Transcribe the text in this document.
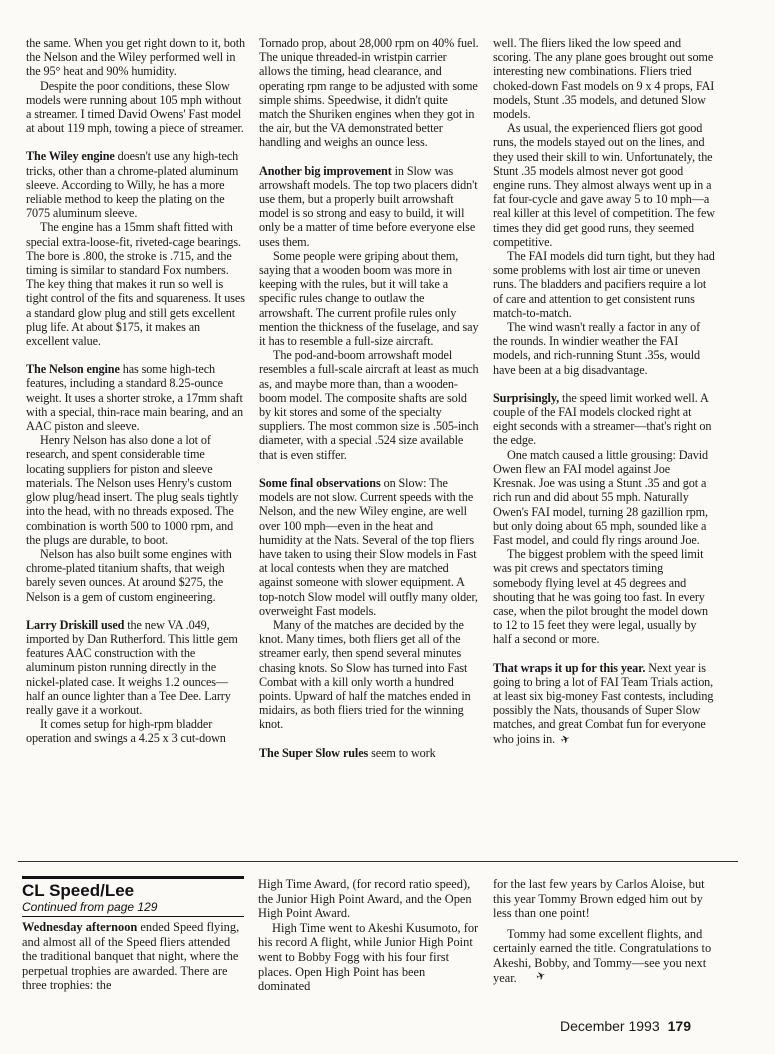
the same. When you get right down to it, both the Nelson and the Wiley performed well in the 95° heat and 90% humidity.

Despite the poor conditions, these Slow models were running about 105 mph without a streamer. I timed David Owens' Fast model at about 119 mph, towing a piece of streamer.

The Wiley engine doesn't use any high-tech tricks, other than a chrome-plated aluminum sleeve. According to Willy, he has a more reliable method to keep the plating on the 7075 aluminum sleeve.

The engine has a 15mm shaft fitted with special extra-loose-fit, riveted-cage bearings. The bore is .800, the stroke is .715, and the timing is similar to standard Fox numbers. The key thing that makes it run so well is tight control of the fits and squareness. It uses a standard glow plug and still gets excellent plug life. At about $175, it makes an excellent value.

The Nelson engine has some high-tech features, including a standard 8.25-ounce weight. It uses a shorter stroke, a 17mm shaft with a special, thin-race main bearing, and an AAC piston and sleeve.

Henry Nelson has also done a lot of research, and spent considerable time locating suppliers for piston and sleeve materials. The Nelson uses Henry's custom glow plug/head insert. The plug seals tightly into the head, with no threads exposed. The combination is worth 500 to 1000 rpm, and the plugs are durable, to boot.

Nelson has also built some engines with chrome-plated titanium shafts, that weigh barely seven ounces. At around $275, the Nelson is a gem of custom engineering.

Larry Driskill used the new VA .049, imported by Dan Rutherford. This little gem features AAC construction with the aluminum piston running directly in the nickel-plated case. It weighs 1.2 ounces—half an ounce lighter than a Tee Dee. Larry really gave it a workout.

It comes setup for high-rpm bladder operation and swings a 4.25 x 3 cut-down

Tornado prop, about 28,000 rpm on 40% fuel. The unique threaded-in wristpin carrier allows the timing, head clearance, and operating rpm range to be adjusted with some simple shims. Speedwise, it didn't quite match the Shuriken engines when they got in the air, but the VA demonstrated better handling and weighs an ounce less.

Another big improvement in Slow was arrowshaft models. The top two placers didn't use them, but a properly built arrowshaft model is so strong and easy to build, it will only be a matter of time before everyone else uses them.

Some people were griping about them, saying that a wooden boom was more in keeping with the rules, but it will take a specific rules change to outlaw the arrowshaft. The current profile rules only mention the thickness of the fuselage, and say it has to resemble a full-size aircraft.

The pod-and-boom arrowshaft model resembles a full-scale aircraft at least as much as, and maybe more than, than a wooden-boom model. The composite shafts are sold by kit stores and some of the specialty suppliers. The most common size is .505-inch diameter, with a special .524 size available that is even stiffer.

Some final observations on Slow: The models are not slow. Current speeds with the Nelson, and the new Wiley engine, are well over 100 mph—even in the heat and humidity at the Nats. Several of the top fliers have taken to using their Slow models in Fast at local contests when they are matched against someone with slower equipment. A top-notch Slow model will outfly many older, overweight Fast models.

Many of the matches are decided by the knot. Many times, both fliers get all of the streamer early, then spend several minutes chasing knots. So Slow has turned into Fast Combat with a kill only worth a hundred points. Upward of half the matches ended in midairs, as both fliers tried for the winning knot.

The Super Slow rules seem to work

well. The fliers liked the low speed and scoring. The any plane goes brought out some interesting new combinations. Fliers tried choked-down Fast models on 9 x 4 props, FAI models, Stunt .35 models, and detuned Slow models.

As usual, the experienced fliers got good runs, the models stayed out on the lines, and they used their skill to win. Unfortunately, the Stunt .35 models almost never got good engine runs. They almost always went up in a fat four-cycle and gave away 5 to 10 mph—a real killer at this level of competition. The few times they did get good runs, they seemed competitive.

The FAI models did turn tight, but they had some problems with lost air time or uneven runs. The bladders and pacifiers require a lot of care and attention to get consistent runs match-to-match.

The wind wasn't really a factor in any of the rounds. In windier weather the FAI models, and rich-running Stunt .35s, would have been at a big disadvantage.

Surprisingly, the speed limit worked well. A couple of the FAI models clocked right at eight seconds with a streamer—that's right on the edge.

One match caused a little grousing: David Owen flew an FAI model against Joe Kresnak. Joe was using a Stunt .35 and got a rich run and did about 55 mph. Naturally Owen's FAI model, turning 28 gazillion rpm, but only doing about 65 mph, sounded like a Fast model, and could fly rings around Joe.

The biggest problem with the speed limit was pit crews and spectators timing somebody flying level at 45 degrees and shouting that he was going too fast. In every case, when the pilot brought the model down to 12 to 15 feet they were legal, usually by half a second or more.

That wraps it up for this year. Next year is going to bring a lot of FAI Team Trials action, at least six big-money Fast contests, including possibly the Nats, thousands of Super Slow matches, and great Combat fun for everyone who joins in. ✈

CL Speed/Lee
Continued from page 129

Wednesday afternoon ended Speed flying, and almost all of the Speed fliers attended the traditional banquet that night, where the perpetual trophies are awarded. There are three trophies: the

High Time Award, (for record ratio speed), the Junior High Point Award, and the Open High Point Award.

High Time went to Akeshi Kusumoto, for his record A flight, while Junior High Point went to Bobby Fogg with his four first places. Open High Point has been dominated

for the last few years by Carlos Aloise, but this year Tommy Brown edged him out by less than one point!

Tommy had some excellent flights, and certainly earned the title. Congratulations to Akeshi, Bobby, and Tommy—see you next year. ✈

December 1993 179
